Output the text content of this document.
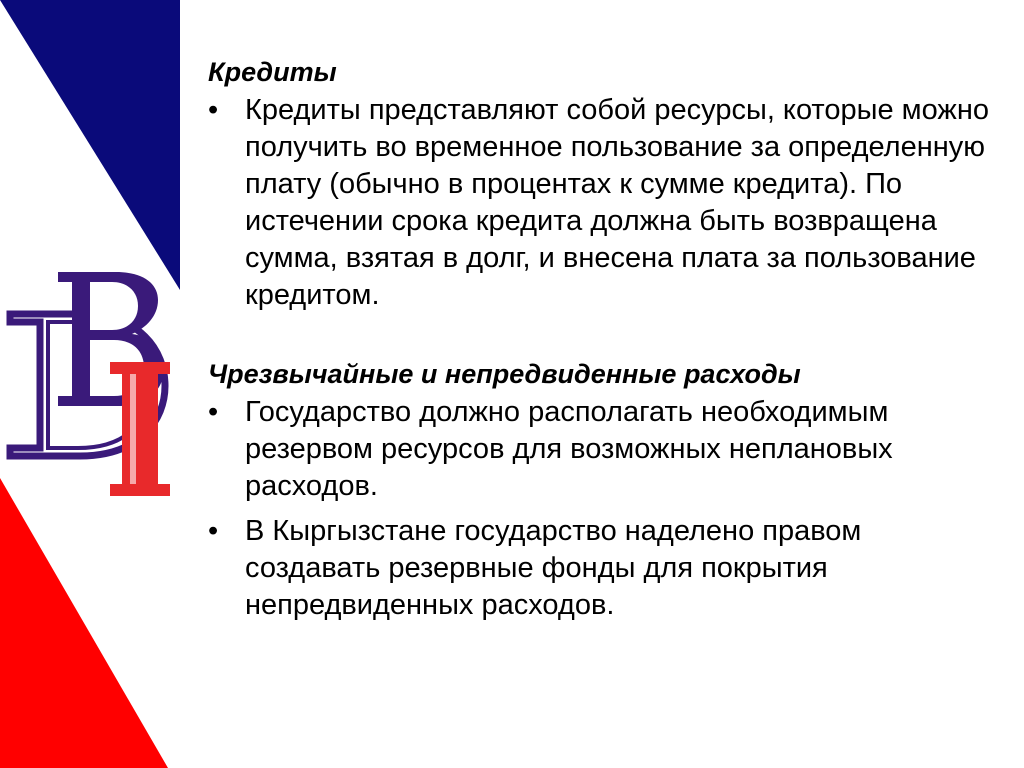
Кредиты

• Кредиты представляют собой ресурсы, которые можно получить во временное пользование за определенную плату (обычно в процентах к сумме кредита). По истечении срока кредита должна быть возвращена сумма, взятая в долг, и внесена плата за пользование кредитом.

Чрезвычайные и непредвиденные расходы

• Государство должно располагать необходимым резервом ресурсов для возможных неплановых расходов.
• В Кыргызстане государство наделено правом создавать резервные фонды для покрытия непредвиденных расходов.
